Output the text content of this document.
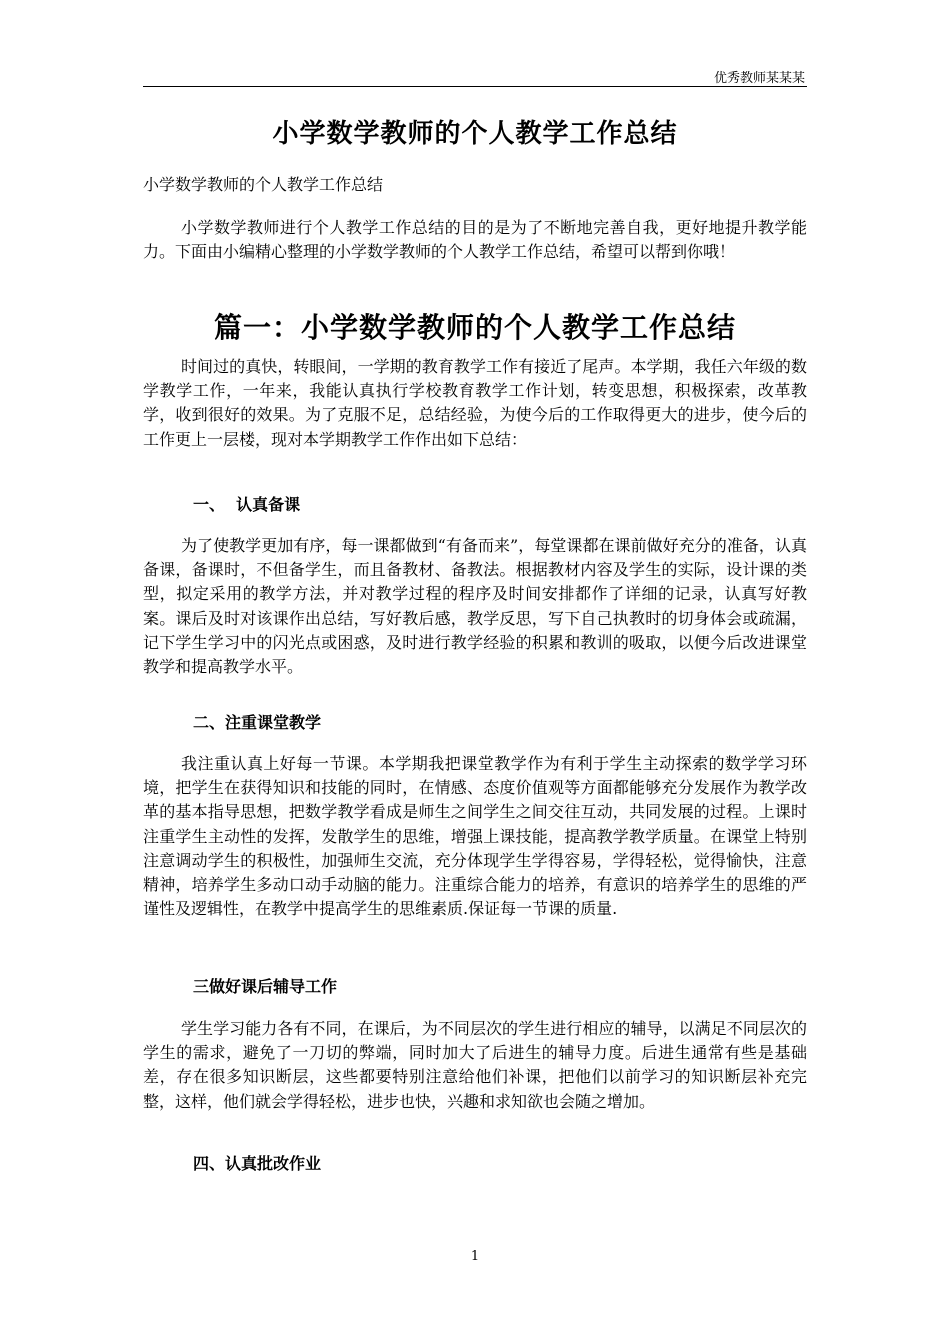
优秀教师某某某
小学数学教师的个人教学工作总结
小学数学教师的个人教学工作总结
小学数学教师进行个人教学工作总结的目的是为了不断地完善自我，更好地提升教学能力。下面由小编精心整理的小学数学教师的个人教学工作总结，希望可以帮到你哦！
篇一：小学数学教师的个人教学工作总结
时间过的真快，转眼间，一学期的教育教学工作有接近了尾声。本学期，我任六年级的数学教学工作，一年来，我能认真执行学校教育教学工作计划，转变思想，积极探索，改革教学，收到很好的效果。为了克服不足，总结经验，为使今后的工作取得更大的进步，使今后的工作更上一层楼，现对本学期教学工作作出如下总结：
一、  认真备课
为了使教学更加有序，每一课都做到“有备而来”，每堂课都在课前做好充分的准备，认真备课，备课时，不但备学生，而且备教材、备教法。根据教材内容及学生的实际，设计课的类型，拟定采用的教学方法，并对教学过程的程序及时间安排都作了详细的记录，认真写好教案。课后及时对该课作出总结，写好教后感，教学反思，写下自己执教时的切身体会或疏漏，记下学生学习中的闪光点或困惑，及时进行教学经验的积累和教训的吸取，以便今后改进课堂教学和提高教学水平。
二、注重课堂教学
我注重认真上好每一节课。本学期我把课堂教学作为有利于学生主动探索的数学学习环境，把学生在获得知识和技能的同时，在情感、态度价值观等方面都能够充分发展作为教学改革的基本指导思想，把数学教学看成是师生之间学生之间交往互动，共同发展的过程。上课时注重学生主动性的发挥，发散学生的思维，增强上课技能，提高教学教学质量。在课堂上特别注意调动学生的积极性，加强师生交流，充分体现学生学得容易，学得轻松，觉得愉快，注意精神，培养学生多动口动手动脑的能力。注重综合能力的培养，有意识的培养学生的思维的严谨性及逻辑性，在教学中提高学生的思维素质.保证每一节课的质量.
三做好课后辅导工作
学生学习能力各有不同，在课后，为不同层次的学生进行相应的辅导，以满足不同层次的学生的需求，避免了一刀切的弊端，同时加大了后进生的辅导力度。后进生通常有些是基础差，存在很多知识断层，这些都要特别注意给他们补课，把他们以前学习的知识断层补充完整，这样，他们就会学得轻松，进步也快，兴趣和求知欲也会随之增加。
四、认真批改作业
1
